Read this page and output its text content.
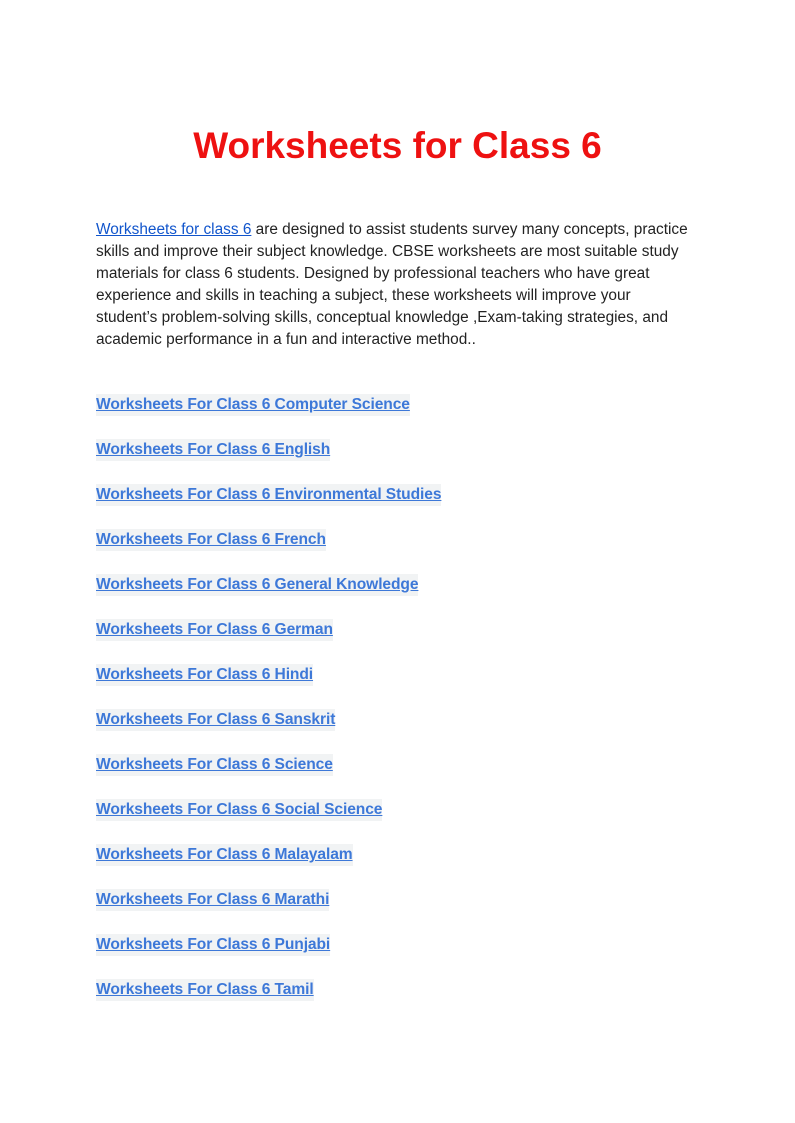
Worksheets for Class 6

Worksheets for class 6 are designed to assist students survey many concepts, practice skills and improve their subject knowledge. CBSE worksheets are most suitable study materials for class 6 students. Designed by professional teachers who have great experience and skills in teaching a subject, these worksheets will improve your student’s problem-solving skills, conceptual knowledge ,Exam-taking strategies, and academic performance in a fun and interactive method..

Worksheets For Class 6 Computer Science
Worksheets For Class 6 English
Worksheets For Class 6 Environmental Studies
Worksheets For Class 6 French
Worksheets For Class 6 General Knowledge
Worksheets For Class 6 German
Worksheets For Class 6 Hindi
Worksheets For Class 6 Sanskrit
Worksheets For Class 6 Science
Worksheets For Class 6 Social Science
Worksheets For Class 6 Malayalam
Worksheets For Class 6 Marathi
Worksheets For Class 6 Punjabi
Worksheets For Class 6 Tamil
